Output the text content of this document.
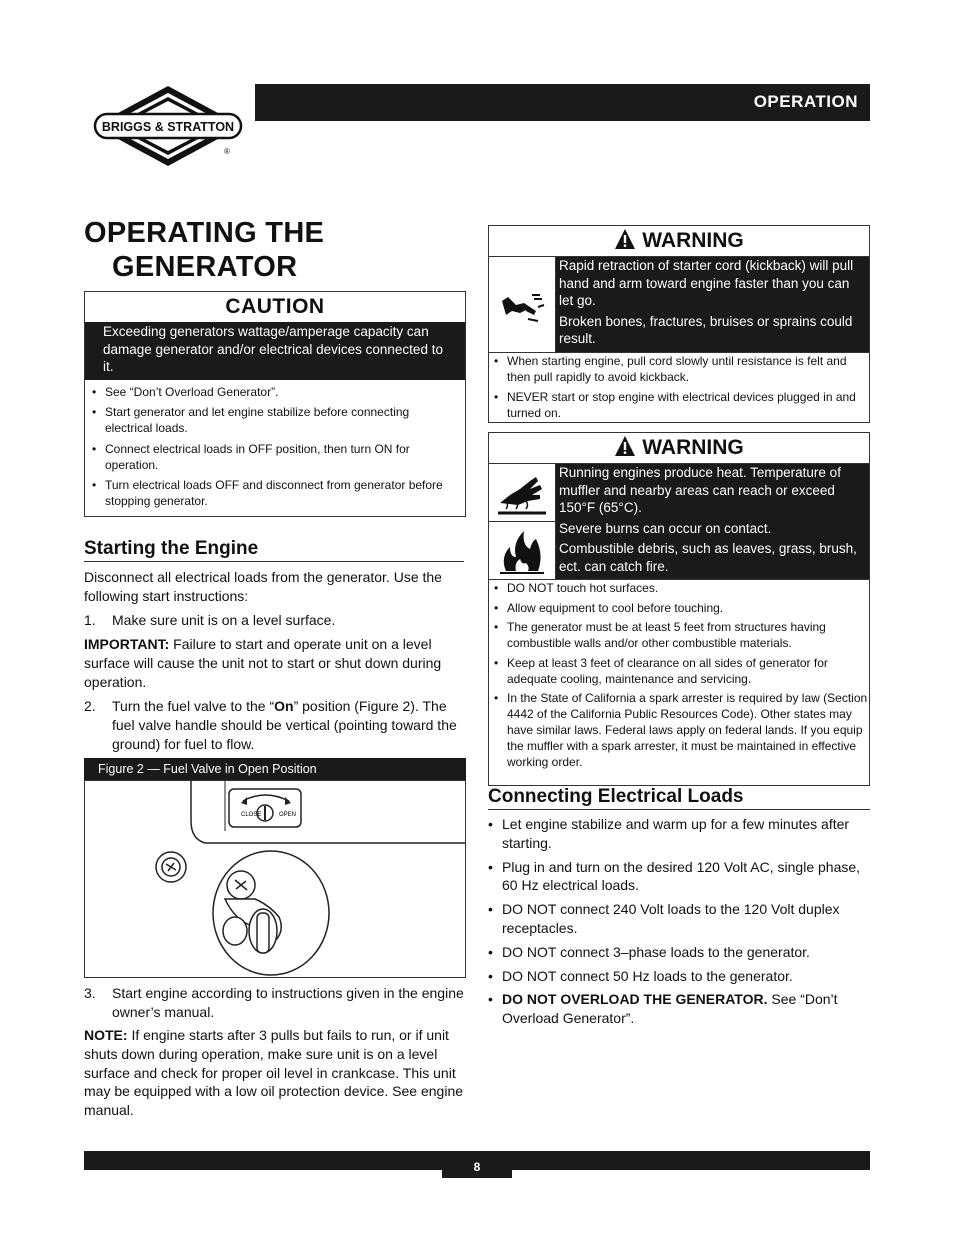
BRIGGS & STRATTON
®
OPERATION
OPERATING THE
GENERATOR
CAUTION

Exceeding generators wattage/amperage capacity can damage generator and/or electrical devices connected to it.

• See “Don’t Overload Generator”.
• Start generator and let engine stabilize before connecting electrical loads.
• Connect electrical loads in OFF position, then turn ON for operation.
• Turn electrical loads OFF and disconnect from generator before stopping generator.
Starting the Engine
Disconnect all electrical loads from the generator. Use the following start instructions:
1.	Make sure unit is on a level surface.
IMPORTANT: Failure to start and operate unit on a level surface will cause the unit not to start or shut down during operation.
2.	Turn the fuel valve to the “On” position (Figure 2). The fuel valve handle should be vertical (pointing toward the ground) for fuel to flow.
Figure 2 — Fuel Valve in Open Position
CLOSE	OPEN
3.	Start engine according to instructions given in the engine owner’s manual.
NOTE: If engine starts after 3 pulls but fails to run, or if unit shuts down during operation, make sure unit is on a level surface and check for proper oil level in crankcase. This unit may be equipped with a low oil protection device. See engine manual.
WARNING

Rapid retraction of starter cord (kickback) will pull hand and arm toward engine faster than you can let go.

Broken bones, fractures, bruises or sprains could result.

• When starting engine, pull cord slowly until resistance is felt and then pull rapidly to avoid kickback.
• NEVER start or stop engine with electrical devices plugged in and turned on.
WARNING

Running engines produce heat. Temperature of muffler and nearby areas can reach or exceed 150°F (65°C).

Severe burns can occur on contact.

Combustible debris, such as leaves, grass, brush, ect. can catch fire.

• DO NOT touch hot surfaces.
• Allow equipment to cool before touching.
• The generator must be at least 5 feet from structures having combustible walls and/or other combustible materials.
• Keep at least 3 feet of clearance on all sides of generator for adequate cooling, maintenance and servicing.
• In the State of California a spark arrester is required by law (Section 4442 of the California Public Resources Code). Other states may have similar laws. Federal laws apply on federal lands. If you equip the muffler with a spark arrester, it must be maintained in effective working order.
Connecting Electrical Loads
• Let engine stabilize and warm up for a few minutes after starting.
• Plug in and turn on the desired 120 Volt AC, single phase, 60 Hz electrical loads.
• DO NOT connect 240 Volt loads to the 120 Volt duplex receptacles.
• DO NOT connect 3–phase loads to the generator.
• DO NOT connect 50 Hz loads to the generator.
• DO NOT OVERLOAD THE GENERATOR. See “Don’t Overload Generator”.
8
